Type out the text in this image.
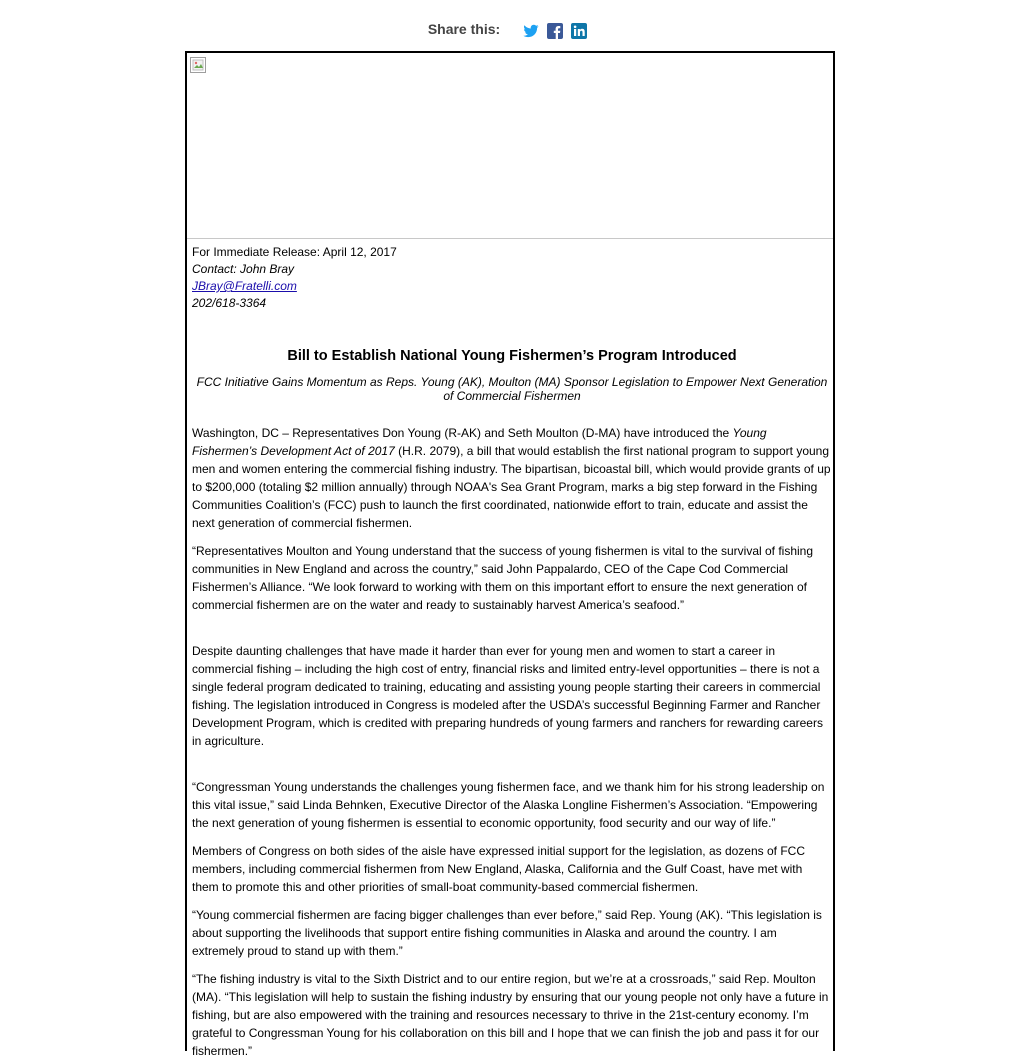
Share this:
For Immediate Release: April 12, 2017
Contact: John Bray
JBray@Fratelli.com
202/618-3364
Bill to Establish National Young Fishermen’s Program Introduced
FCC Initiative Gains Momentum as Reps. Young (AK), Moulton (MA) Sponsor Legislation to Empower Next Generation of Commercial Fishermen

Washington, DC – Representatives Don Young (R-AK) and Seth Moulton (D-MA) have introduced the Young Fishermen’s Development Act of 2017 (H.R. 2079), a bill that would establish the first national program to support young men and women entering the commercial fishing industry. The bipartisan, bicoastal bill, which would provide grants of up to $200,000 (totaling $2 million annually) through NOAA's Sea Grant Program, marks a big step forward in the Fishing Communities Coalition’s (FCC) push to launch the first coordinated, nationwide effort to train, educate and assist the next generation of commercial fishermen.

“Representatives Moulton and Young understand that the success of young fishermen is vital to the survival of fishing communities in New England and across the country,” said John Pappalardo, CEO of the Cape Cod Commercial Fishermen’s Alliance. “We look forward to working with them on this important effort to ensure the next generation of commercial fishermen are on the water and ready to sustainably harvest America’s seafood.”

Despite daunting challenges that have made it harder than ever for young men and women to start a career in commercial fishing – including the high cost of entry, financial risks and limited entry-level opportunities – there is not a single federal program dedicated to training, educating and assisting young people starting their careers in commercial fishing. The legislation introduced in Congress is modeled after the USDA’s successful Beginning Farmer and Rancher Development Program, which is credited with preparing hundreds of young farmers and ranchers for rewarding careers in agriculture.

“Congressman Young understands the challenges young fishermen face, and we thank him for his strong leadership on this vital issue,” said Linda Behnken, Executive Director of the Alaska Longline Fishermen’s Association. “Empowering the next generation of young fishermen is essential to economic opportunity, food security and our way of life.”

Members of Congress on both sides of the aisle have expressed initial support for the legislation, as dozens of FCC members, including commercial fishermen from New England, Alaska, California and the Gulf Coast, have met with them to promote this and other priorities of small-boat community-based commercial fishermen.

“Young commercial fishermen are facing bigger challenges than ever before,” said Rep. Young (AK). “This legislation is about supporting the livelihoods that support entire fishing communities in Alaska and around the country. I am extremely proud to stand up with them.”

“The fishing industry is vital to the Sixth District and to our entire region, but we’re at a crossroads,” said Rep. Moulton (MA). “This legislation will help to sustain the fishing industry by ensuring that our young people not only have a future in fishing, but are also empowered with the training and resources necessary to thrive in the 21st-century economy. I’m grateful to Congressman Young for his collaboration on this bill and I hope that we can finish the job and pass it for our fishermen.”
